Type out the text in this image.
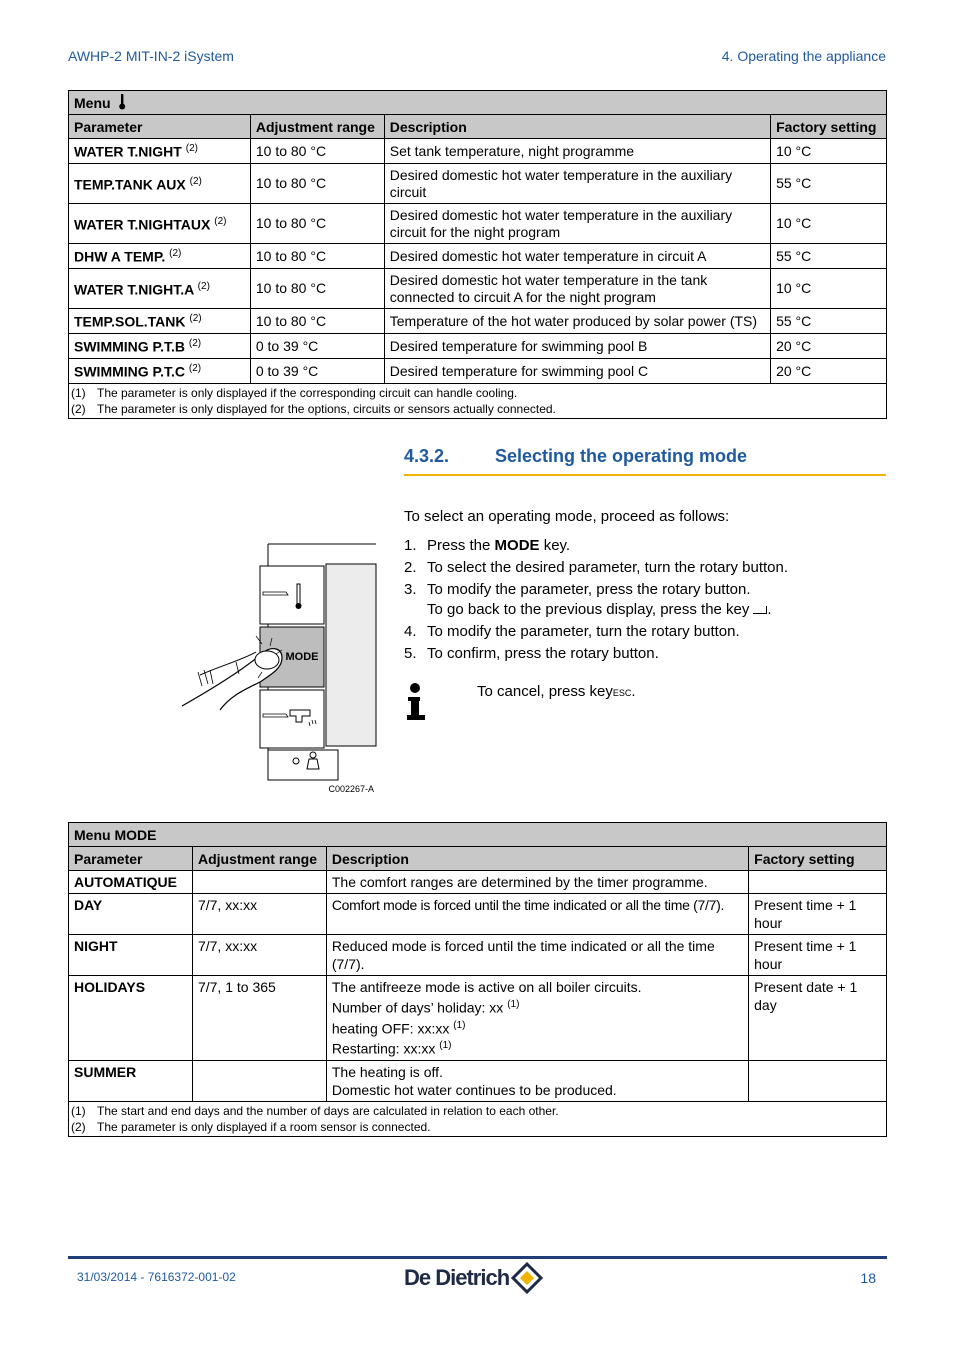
AWHP-2 MIT-IN-2 iSystem	4. Operating the appliance
Menu			
Parameter	Adjustment range	Description	Factory setting
WATER T.NIGHT $^{(2)}$	10 to 80 °C	Set tank temperature, night programme	10 °C
TEMP.TANK AUX $^{(2)}$	10 to 80 °C	Desired domestic hot water temperature in the auxiliary circuit	55 °C
WATER T.NIGHTAUX $^{(2)}$	10 to 80 °C	Desired domestic hot water temperature in the auxiliary circuit for the night program	10 °C
DHW A TEMP. $^{(2)}$	10 to 80 °C	Desired domestic hot water temperature in circuit A	55 °C
WATER T.NIGHT.A $^{(2)}$	10 to 80 °C	Desired domestic hot water temperature in the tank connected to circuit A for the night program	10 °C
TEMP.SOL.TANK $^{(2)}$	10 to 80 °C	Temperature of the hot water produced by solar power (TS)	55 °C
SWIMMING P.T.B $^{(2)}$	0 to 39 °C	Desired temperature for swimming pool B	20 °C
SWIMMING P.T.C $^{(2)}$	0 to 39 °C	Desired temperature for swimming pool C	20 °C

(1) The parameter is only displayed if the corresponding circuit can handle cooling.
(2) The parameter is only displayed for the options, circuits or sensors actually connected.			
4.3.2.	Selecting the operating mode
MODE
C002267-A
To select an operating mode, proceed as follows:
1. Press the MODE key.
2. To select the desired parameter, turn the rotary button.
3. To modify the parameter, press the rotary button.
To go back to the previous display, press the key .
4. To modify the parameter, turn the rotary button.
5. To confirm, press the rotary button.
To cancel, press keyESC.
Menu MODE			
Parameter	Adjustment range	Description	Factory setting
AUTOMATIQUE		The comfort ranges are determined by the timer programme.	

DAY	7/7, xx:xx	Comfort mode is forced until the time indicated or all the time (7/7).	Present time + 1 hour
NIGHT	7/7, xx:xx	Reduced mode is forced until the time indicated or all the time (7/7).	Present time + 1 hour
HOLIDAYS	7/7, 1 to 365	The antifreeze mode is active on all boiler circuits.
Number of days’ holiday: xx $^{(1)}$
heating OFF: xx:xx $^{(1)}$
Restarting: xx:xx $^{(1)}$	Present date + 1 day
SUMMER		The heating is off.
Domestic hot water continues to be produced.	

(1) The start and end days and the number of days are calculated in relation to each other.
(2) The parameter is only displayed if a room sensor is connected.			
31/03/2014 - 7616372-001-02	De Dietrich	18
